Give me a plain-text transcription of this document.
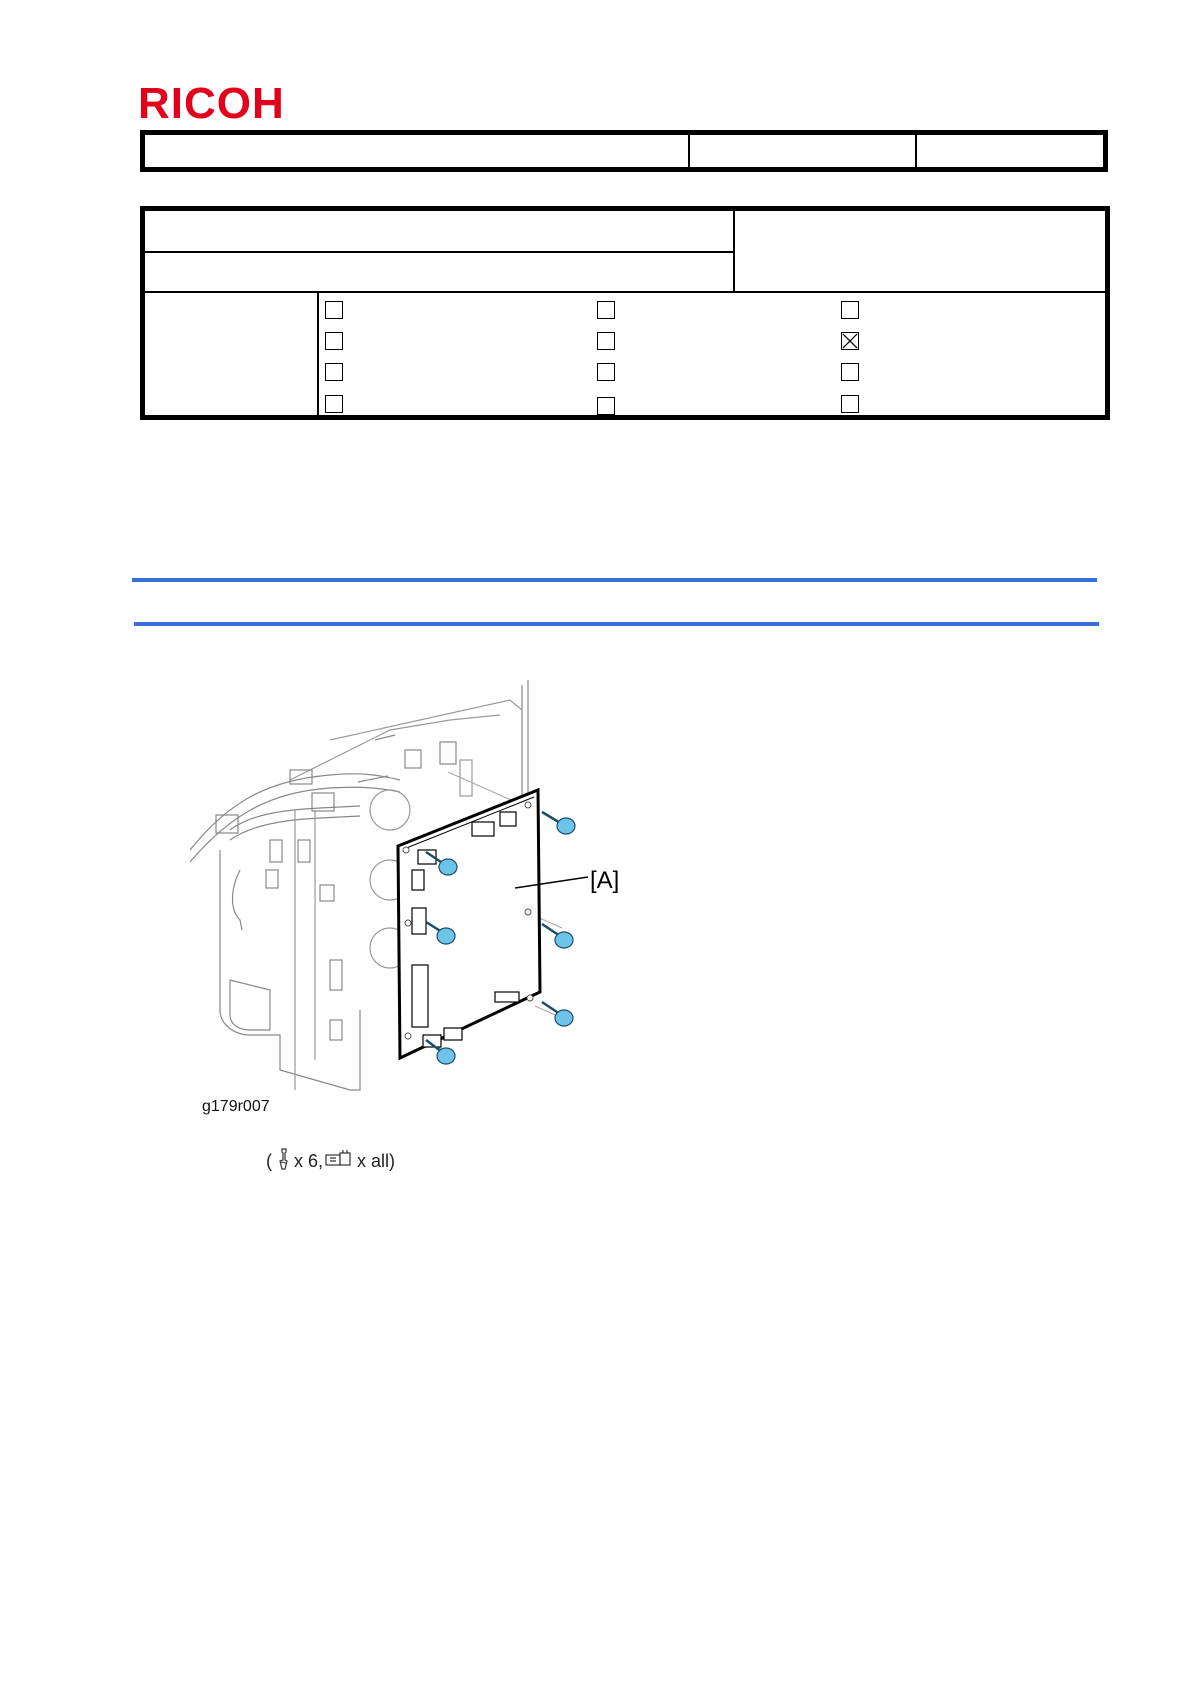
RICOH
[A]
g179r007
( x 6, x all)
